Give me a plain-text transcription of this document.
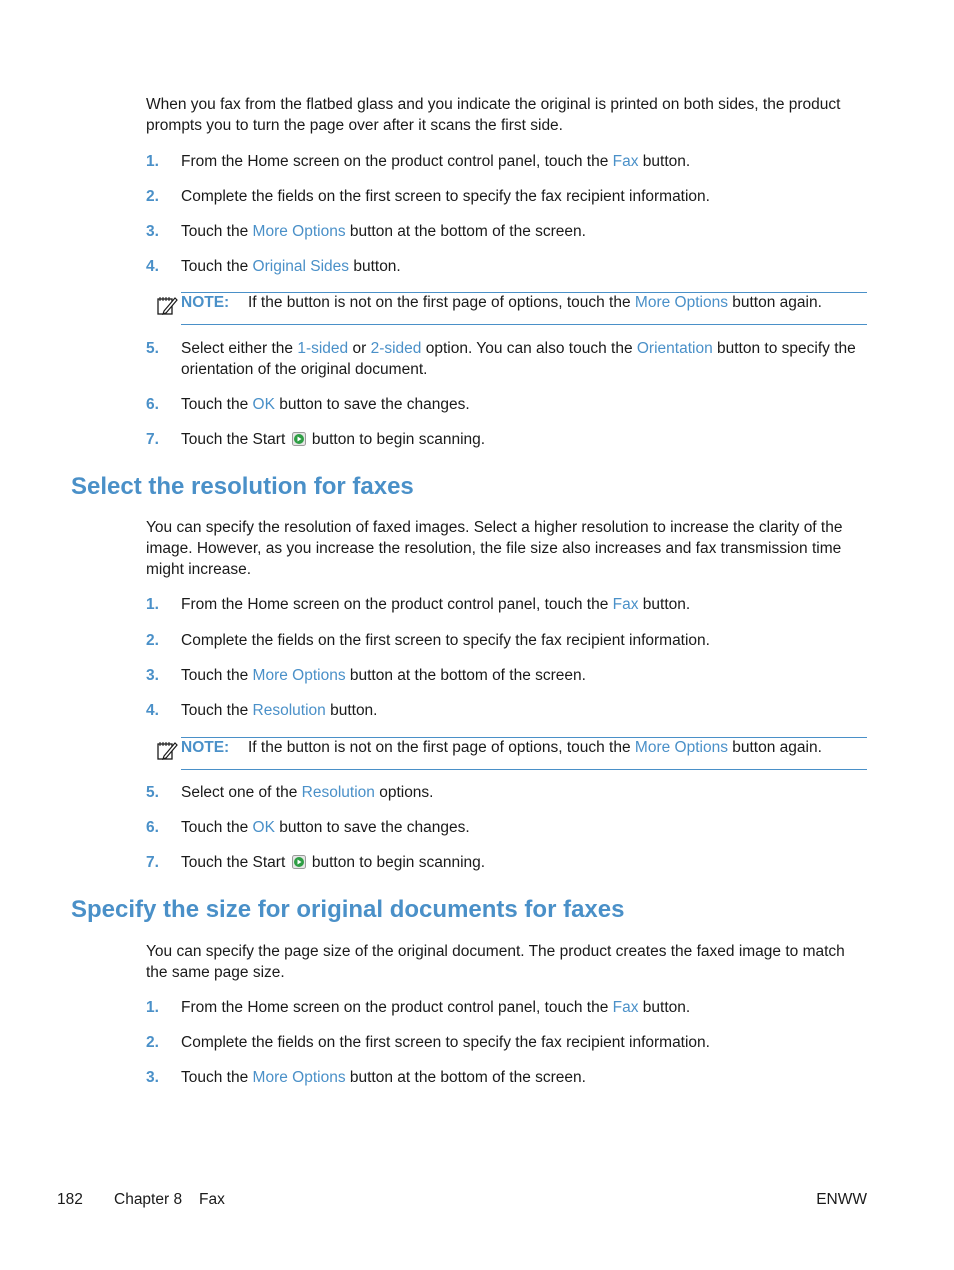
When you fax from the flatbed glass and you indicate the original is printed on both sides, the product prompts you to turn the page over after it scans the first side.
1. From the Home screen on the product control panel, touch the Fax button.
2. Complete the fields on the first screen to specify the fax recipient information.
3. Touch the More Options button at the bottom of the screen.
4. Touch the Original Sides button.
NOTE: If the button is not on the first page of options, touch the More Options button again.
5. Select either the 1-sided or 2-sided option. You can also touch the Orientation button to specify the orientation of the original document.
6. Touch the OK button to save the changes.
7. Touch the Start  button to begin scanning.
Select the resolution for faxes
You can specify the resolution of faxed images. Select a higher resolution to increase the clarity of the image. However, as you increase the resolution, the file size also increases and fax transmission time might increase.
1. From the Home screen on the product control panel, touch the Fax button.
2. Complete the fields on the first screen to specify the fax recipient information.
3. Touch the More Options button at the bottom of the screen.
4. Touch the Resolution button.
NOTE: If the button is not on the first page of options, touch the More Options button again.
5. Select one of the Resolution options.
6. Touch the OK button to save the changes.
7. Touch the Start  button to begin scanning.
Specify the size for original documents for faxes
You can specify the page size of the original document. The product creates the faxed image to match the same page size.
1. From the Home screen on the product control panel, touch the Fax button.
2. Complete the fields on the first screen to specify the fax recipient information.
3. Touch the More Options button at the bottom of the screen.
182 Chapter 8 Fax	ENWW
